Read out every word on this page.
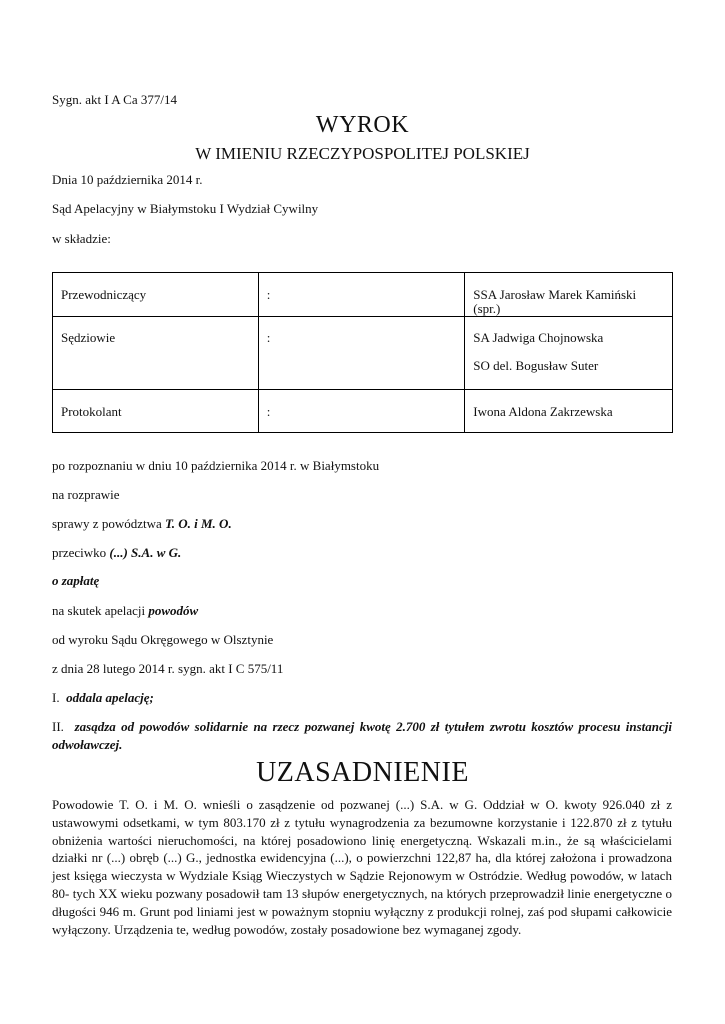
Sygn. akt I A Ca 377/14
WYROK
W IMIENIU RZECZYPOSPOLITEJ POLSKIEJ
Dnia 10 października 2014 r.
Sąd Apelacyjny w Białymstoku I Wydział Cywilny
w składzie:
Przewodniczący	:	SSA Jarosław Marek Kamiński (spr.)

Sędziowie	:	SA Jadwiga Chojnowska
SO del. Bogusław Suter

Protokolant	:	Iwona Aldona Zakrzewska
po rozpoznaniu w dniu 10 października 2014 r. w Białymstoku
na rozprawie
sprawy z powództwa T. O. i M. O.
przeciwko (...) S.A. w G.
o zapłatę
na skutek apelacji powodów
od wyroku Sądu Okręgowego w Olsztynie
z dnia 28 lutego 2014 r. sygn. akt I C 575/11
I. oddala apelację;
II. zasądza od powodów solidarnie na rzecz pozwanej kwotę 2.700 zł tytułem zwrotu kosztów procesu instancji odwoławczej.
UZASADNIENIE
Powodowie T. O. i M. O. wnieśli o zasądzenie od pozwanej (...) S.A. w G. Oddział w O. kwoty 926.040 zł z ustawowymi odsetkami, w tym 803.170 zł z tytułu wynagrodzenia za bezumowne korzystanie i 122.870 zł z tytułu obniżenia wartości nieruchomości, na której posadowiono linię energetyczną. Wskazali m.in., że są właścicielami działki nr (...) obręb (...) G., jednostka ewidencyjna (...), o powierzchni 122,87 ha, dla której założona i prowadzona jest księga wieczysta w Wydziale Ksiąg Wieczystych w Sądzie Rejonowym w Ostródzie. Według powodów, w latach 80- tych XX wieku pozwany posadowił tam 13 słupów energetycznych, na których przeprowadził linie energetyczne o długości 946 m. Grunt pod liniami jest w poważnym stopniu wyłączny z produkcji rolnej, zaś pod słupami całkowicie wyłączony. Urządzenia te, według powodów, zostały posadowione bez wymaganej zgody.
